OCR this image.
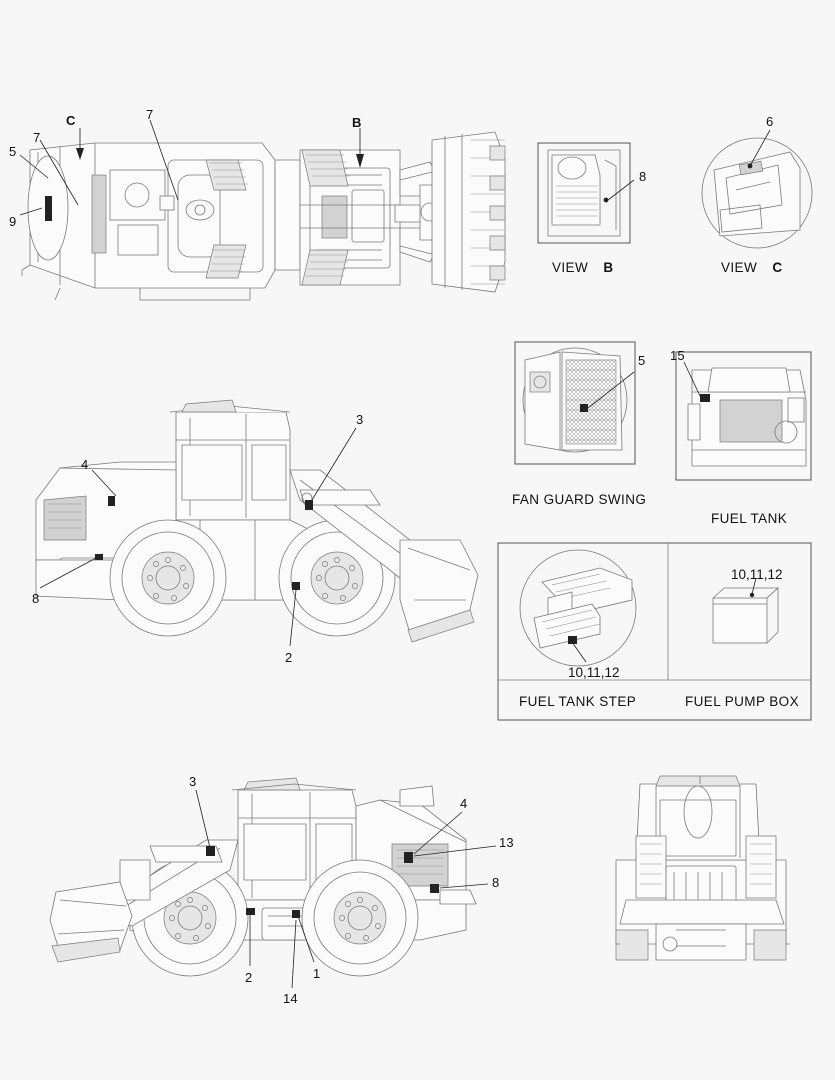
5
7
C	7
B
9
8
VIEW B
6
VIEW C
4
3
8
2
5
FAN GUARD SWING
15
FUEL TANK
10,11,12
FUEL TANK STEP
10,11,12
FUEL PUMP BOX
3
4
13
8
2	1
14
